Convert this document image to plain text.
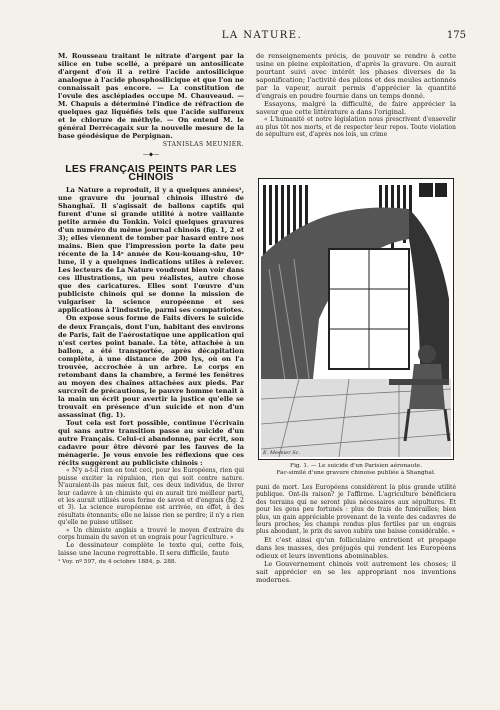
LA NATURE.	175

M. Rousseau traitant le nitrate d'argent par la silice en tube scellé, a préparé un antosilicate d'argent d'où il a retiré l'acide antosilicique analogue à l'acide phosphosilicique et que l'on ne connaissait pas encore. — La constitution de l'ovule des asclépiades occupe M. Chauveaud. — M. Chapuis a déterminé l'indice de réfraction de quelques gaz liquéfiés tels que l'acide sulfureux et le chlorure de méthyle. — On entend M. le général Derrécagaix sur la nouvelle mesure de la base géodésique de Perpignan.

STANISLAS MEUNIER.

—⬥—
LES FRANÇAIS PEINTS PAR LES CHINOIS

La Nature a reproduit, il y a quelques années¹, une gravure du journal chinois illustré de Shanghaï. Il s'agissait de ballons captifs qui furent d'une si grande utilité à notre vaillante petite armée du Tonkin. Voici quelques gravures d'un numéro du même journal chinois (fig. 1, 2 et 3); elles viennent de tomber par hasard entre nos mains. Bien que l'impression porte la date peu récente de la 14ᵉ année de Kou-kouang-shu, 10ᵉ lune, il y a quelques indications utiles à relever. Les lecteurs de La Nature voudront bien voir dans ces illustrations, un peu réalistes, autre chose que des caricatures. Elles sont l'œuvre d'un publiciste chinois qui se donne la mission de vulgariser la science européenne et ses applications à l'industrie, parmi ses compatriotes.

On expose sous forme de Faits divers le suicide de deux Français, dont l'un, habitant des environs de Paris, fait de l'aérostatique une application qui n'est certes point banale. La tête, attachée à un ballon, a été transportée, après décapitation complète, à une distance de 200 lys, où on l'a trouvée, accrochée à un arbre. Le corps en retombant dans la chambre, a fermé les fenêtres au moyen des chaînes attachées aux pieds. Par surcroît de précautions, le pauvre homme tenait à la main un écrit pour avertir la justice qu'elle se trouvait en présence d'un suicide et non d'un assassinat (fig. 1).

Tout cela est fort possible, continue l'écrivain qui sans autre transition passe au suicide d'un autre Français. Celui-ci abandonne, par écrit, son cadavre pour être dévoré par les fauves de la ménagerie. Je vous envoie les réflexions que ces récits suggèrent au publiciste chinois :

« N'y a-t-il rien en tout ceci, pour les Européens, rien qui puisse exciter la répulsion, rien qui soit contre nature. N'auraient-ils pas mieux fait, ces deux individus, de livrer leur cadavre à un chimiste qui en aurait tiré meilleur parti, et les aurait utilisés sous forme de savon et d'engrais (fig. 2 et 3). La science européenne est arrivée, en effet, à des résultats étonnants; elle ne laisse rien se perdre; il n'y a rien qu'elle ne puisse utiliser.

« Un chimiste anglais a trouvé le moyen d'extraire du corps humain du savon et un engrais pour l'agriculture. »

Le dessinateur complète le texte qui, cette fois, laisse une lacune regrettable. Il sera difficile, faute

¹ Voy. nº 597, du 4 octobre 1884, p. 288.

de renseignements précis, de pouvoir se rendre à cette usine en pleine exploitation, d'après la gravure. On aurait pourtant suivi avec intérêt les phases diverses de la saponification; l'activité des pilons et des meules actionnés par la vapeur, aurait permis d'apprécier la quantité d'engrais en poudre fournie dans un temps donné.

Essayons, malgré la difficulté, de faire apprécier la saveur que cette littérature a dans l'original.

« L'humanité et notre législation nous prescrivent d'ensevelir au plus tôt nos morts, et de respecter leur repos. Toute violation de sépulture est, d'après nos lois, un crime

E. Mesnier Sc.
Fig. 1. — Le suicide d'un Parisien aéronaute.
Fac-similé d'une gravure chinoise publiée à Shanghaï.

puni de mort. Les Européens considèrent la plus grande utilité publique. Ont-ils raison? je l'affirme. L'agriculture bénéficiera des terrains qui ne seront plus nécessaires aux sépultures. Et pour les gens peu fortunés : plus de frais de funérailles; bien plus, un gain appréciable provenant de la vente des cadavres de leurs proches; les champs rendus plus fertiles par un engrais plus abondant, le prix du savon subira une baisse considérable. »

Et c'est ainsi qu'un folliculaire entretient et propage dans les masses, des préjugés qui rendent les Européens odieux et leurs inventions abominables.

Le Gouvernement chinois voit autrement les choses; il sait apprécier en se les appropriant nos inventions modernes.
